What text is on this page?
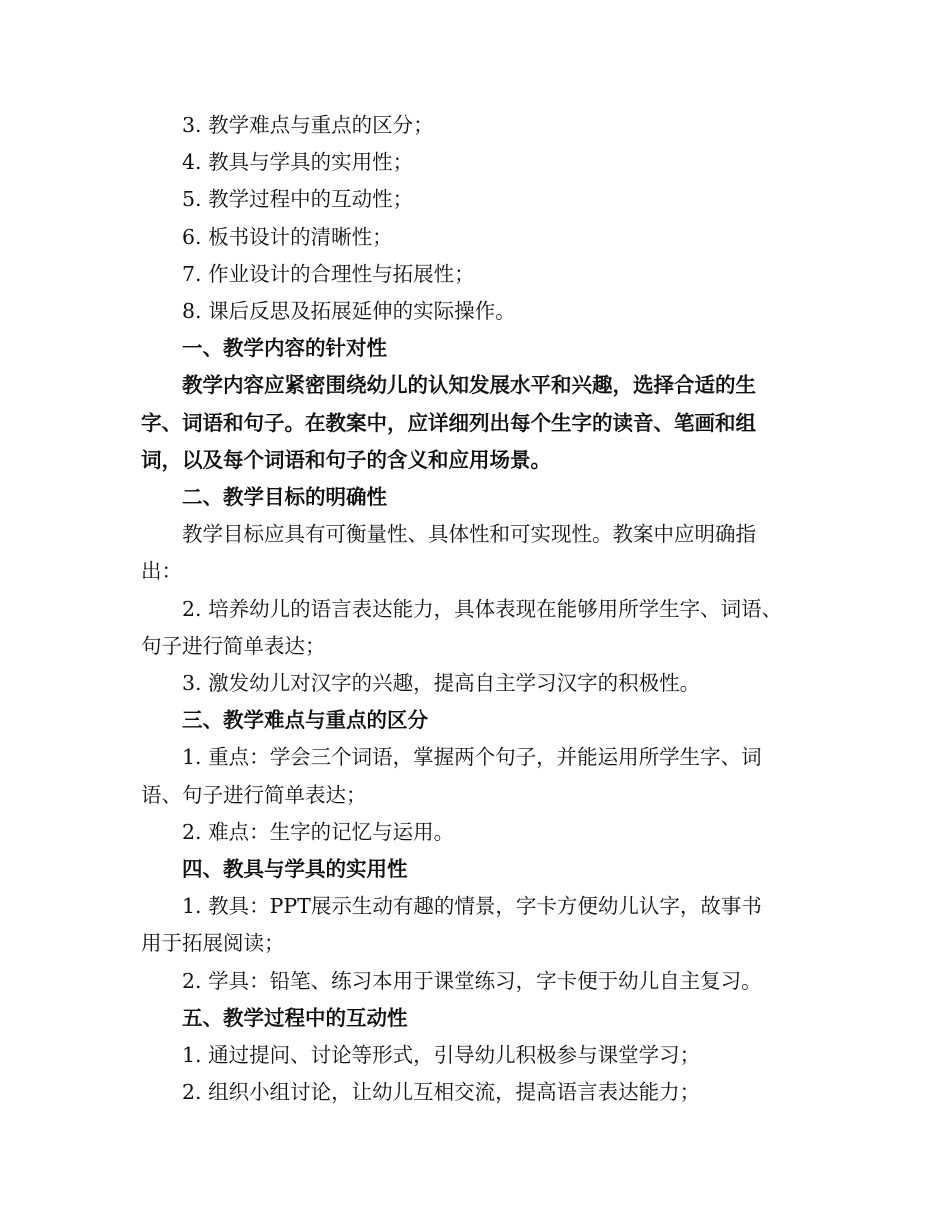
3. 教学难点与重点的区分；

4. 教具与学具的实用性；

5. 教学过程中的互动性；

6. 板书设计的清晰性；

7. 作业设计的合理性与拓展性；

8. 课后反思及拓展延伸的实际操作。

一、教学内容的针对性

教学内容应紧密围绕幼儿的认知发展水平和兴趣，选择合适的生

字、词语和句子。在教案中，应详细列出每个生字的读音、笔画和组

词，以及每个词语和句子的含义和应用场景。

二、教学目标的明确性

教学目标应具有可衡量性、具体性和可实现性。教案中应明确指

出：

2. 培养幼儿的语言表达能力，具体表现在能够用所学生字、词语、

句子进行简单表达；

3. 激发幼儿对汉字的兴趣，提高自主学习汉字的积极性。

三、教学难点与重点的区分

1. 重点：学会三个词语，掌握两个句子，并能运用所学生字、词

语、句子进行简单表达；

2. 难点：生字的记忆与运用。

四、教具与学具的实用性

1. 教具：PPT展示生动有趣的情景，字卡方便幼儿认字，故事书

用于拓展阅读；

2. 学具：铅笔、练习本用于课堂练习，字卡便于幼儿自主复习。

五、教学过程中的互动性

1. 通过提问、讨论等形式，引导幼儿积极参与课堂学习；

2. 组织小组讨论，让幼儿互相交流，提高语言表达能力；
